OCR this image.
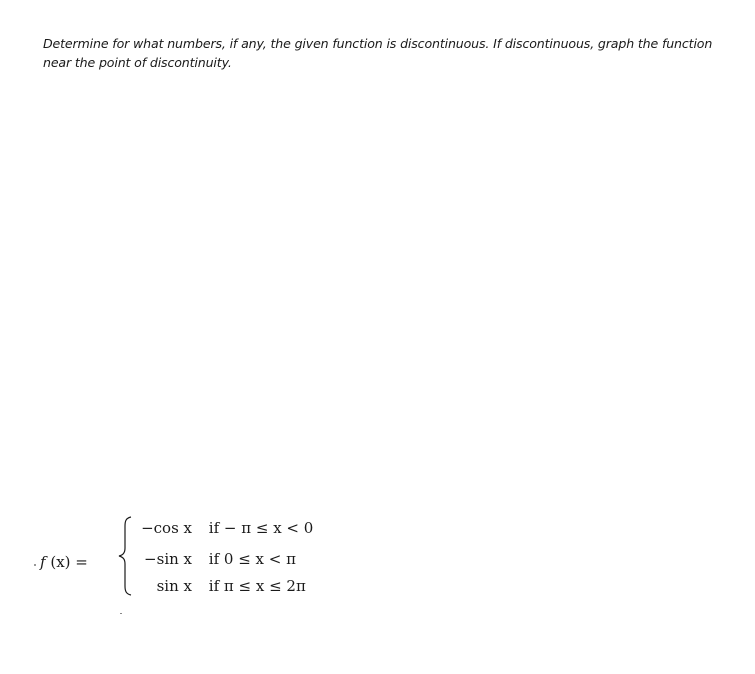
Determine for what numbers, if any, the given function is discontinuous. If discontinuous, graph the function
near the point of discontinuity.
f (x) =
−cos x if − π ≤ x < 0
−sin x if 0 ≤ x < π
sin x if π ≤ x ≤ 2π
